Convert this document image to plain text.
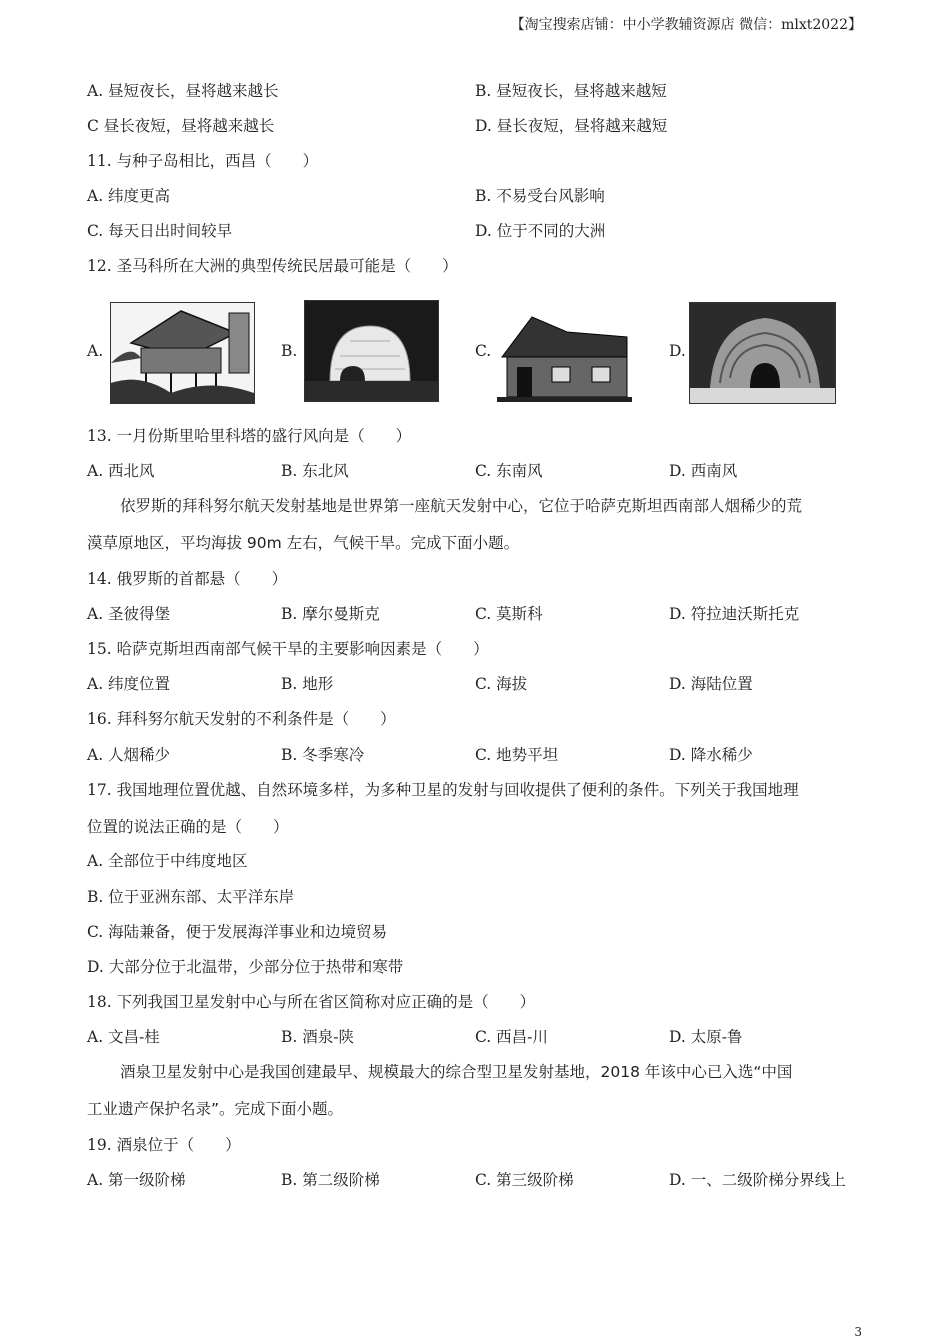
【淘宝搜索店铺：中小学教辅资源店 微信：mlxt2022】
A. 昼短夜长，昼将越来越长	B. 昼短夜长，昼将越来越短
C 昼长夜短，昼将越来越长	D. 昼长夜短，昼将越来越短
11. 与种子岛相比，西昌（　　）
A. 纬度更高	B. 不易受台风影响
C. 每天日出时间较早	D. 位于不同的大洲
12. 圣马科所在大洲的典型传统民居最可能是（　　）
A.	B.	C.	D.
13. 一月份斯里哈里科塔的盛行风向是（　　）
A. 西北风	B. 东北风	C. 东南风	D. 西南风
依罗斯的拜科努尔航天发射基地是世界第一座航天发射中心，它位于哈萨克斯坦西南部人烟稀少的荒
漠草原地区，平均海拔 90m 左右，气候干旱。完成下面小题。
14. 俄罗斯的首都悬（　　）
A. 圣彼得堡	B. 摩尔曼斯克	C. 莫斯科	D. 符拉迪沃斯托克
15. 哈萨克斯坦西南部气候干旱的主要影响因素是（　　）
A. 纬度位置	B. 地形	C. 海拔	D. 海陆位置
16. 拜科努尔航天发射的不利条件是（　　）
A. 人烟稀少	B. 冬季寒冷	C. 地势平坦	D. 降水稀少
17. 我国地理位置优越、自然环境多样，为多种卫星的发射与回收提供了便利的条件。下列关于我国地理
位置的说法正确的是（　　）
A. 全部位于中纬度地区
B. 位于亚洲东部、太平洋东岸
C. 海陆兼备，便于发展海洋事业和边境贸易
D. 大部分位于北温带，少部分位于热带和寒带
18. 下列我国卫星发射中心与所在省区简称对应正确的是（　　）
A. 文昌-桂	B. 酒泉-陕	C. 西昌-川	D. 太原-鲁
酒泉卫星发射中心是我国创建最早、规模最大的综合型卫星发射基地，2018 年该中心已入选“中国
工业遗产保护名录”。完成下面小题。
19. 酒泉位于（　　）
A. 第一级阶梯	B. 第二级阶梯	C. 第三级阶梯	D. 一、二级阶梯分界线上
3
